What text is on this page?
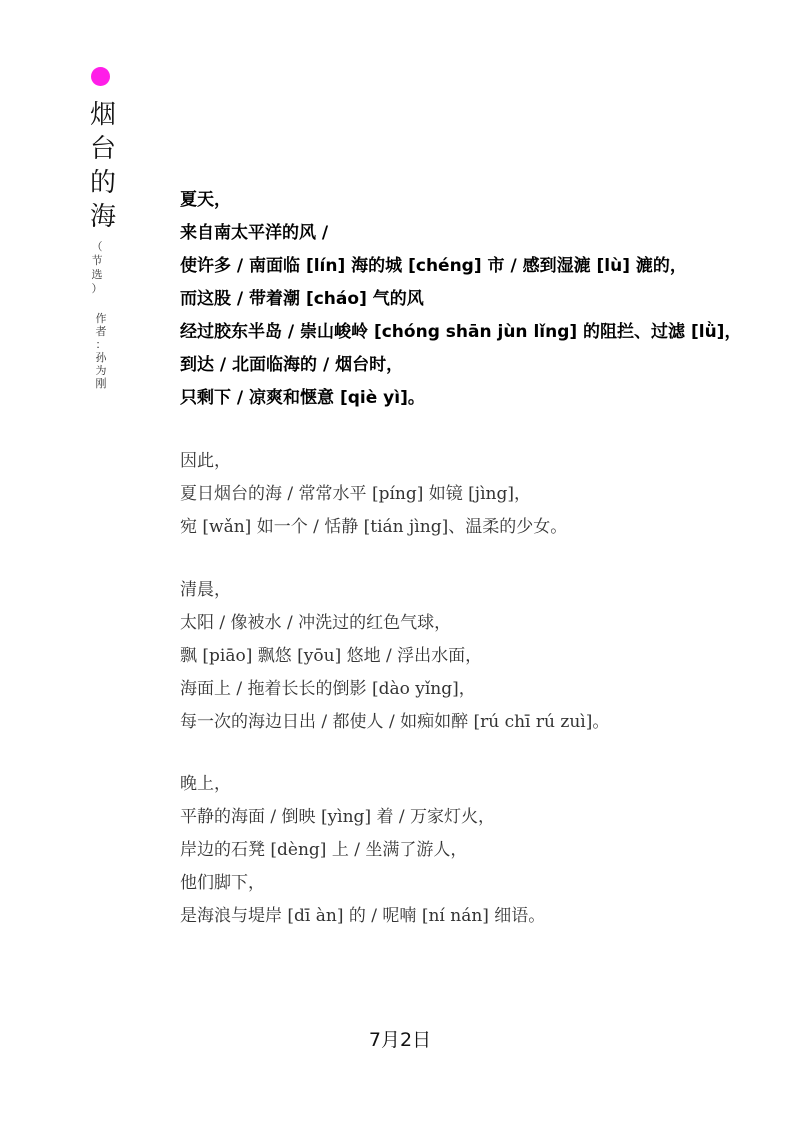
烟
台
的
海
（
节
选
）
作
者
：
孙
为
刚
夏天，
来自南太平洋的风 /
使许多 / 南面临 [lín] 海的城 [chéng] 市 / 感到湿漉 [lù] 漉的，
而这股 / 带着潮 [cháo] 气的风
经过胶东半岛 / 崇山峻岭 [chóng shān jùn lǐng] 的阻拦、过滤 [lǜ]，
到达 / 北面临海的 / 烟台时，
只剩下 / 凉爽和惬意 [qiè yì]。
因此，
夏日烟台的海 / 常常水平 [píng] 如镜 [jìng]，
宛 [wǎn] 如一个 / 恬静 [tián jìng]、温柔的少女。
清晨，
太阳 / 像被水 / 冲洗过的红色气球，
飘 [piāo] 飘悠 [yōu] 悠地 / 浮出水面，
海面上 / 拖着长长的倒影 [dào yǐng]，
每一次的海边日出 / 都使人 / 如痴如醉 [rú chī rú zuì]。
晚上，
平静的海面 / 倒映 [yìng] 着 / 万家灯火，
岸边的石凳 [dèng] 上 / 坐满了游人，
他们脚下，
是海浪与堤岸 [dī àn] 的 / 呢喃 [ní nán] 细语。
7月2日
